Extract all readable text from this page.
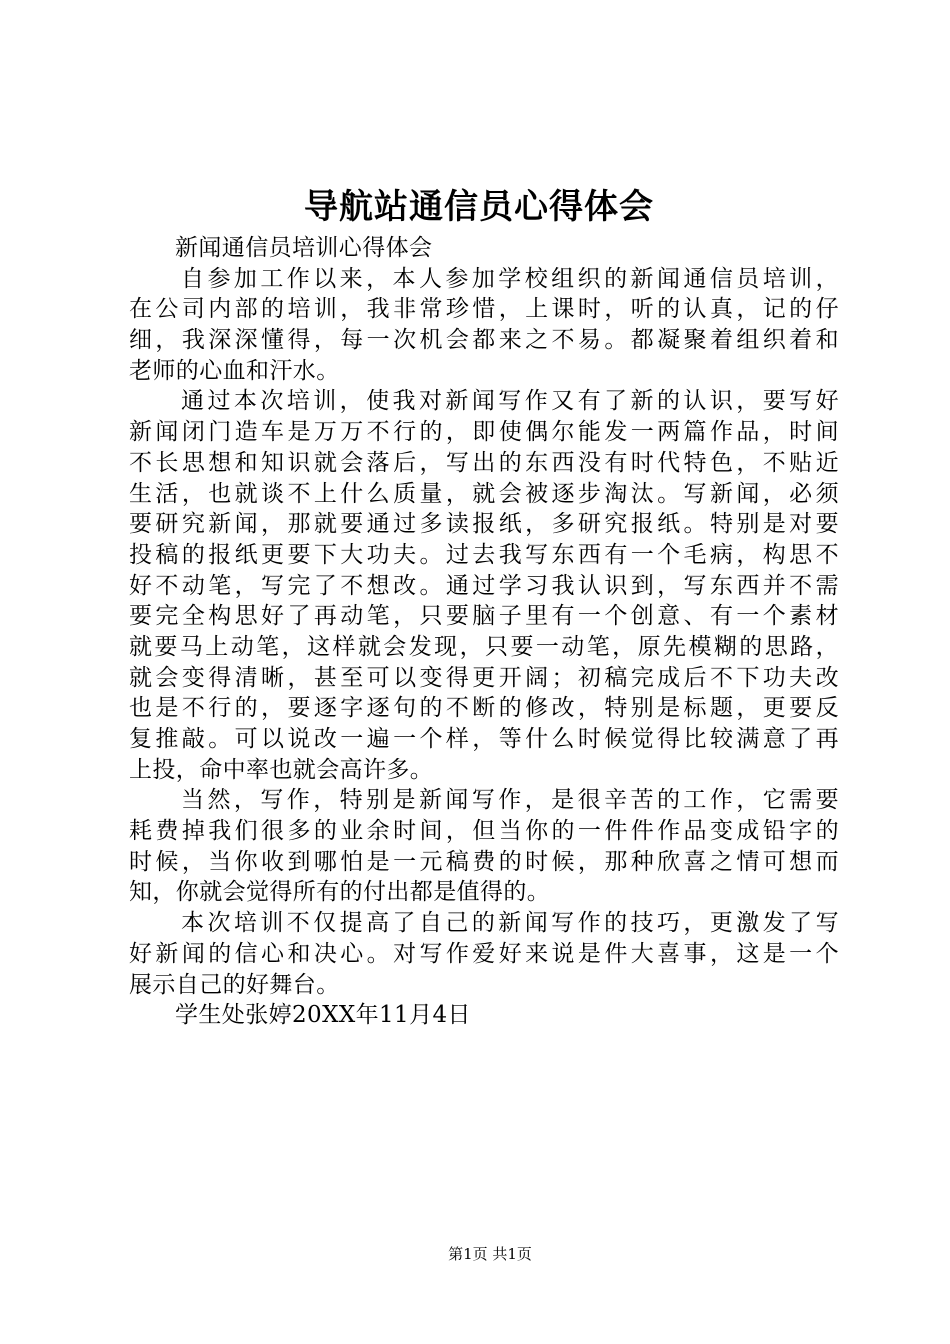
导航站通信员心得体会
新闻通信员培训心得体会
自参加工作以来，本人参加学校组织的新闻通信员培训，
在公司内部的培训，我非常珍惜，上课时，听的认真，记的仔
细，我深深懂得，每一次机会都来之不易。都凝聚着组织着和
老师的心血和汗水。
通过本次培训，使我对新闻写作又有了新的认识，要写好
新闻闭门造车是万万不行的，即使偶尔能发一两篇作品，时间
不长思想和知识就会落后，写出的东西没有时代特色，不贴近
生活，也就谈不上什么质量，就会被逐步淘汰。写新闻，必须
要研究新闻，那就要通过多读报纸，多研究报纸。特别是对要
投稿的报纸更要下大功夫。过去我写东西有一个毛病，构思不
好不动笔，写完了不想改。通过学习我认识到，写东西并不需
要完全构思好了再动笔，只要脑子里有一个创意、有一个素材
就要马上动笔，这样就会发现，只要一动笔，原先模糊的思路，
就会变得清晰，甚至可以变得更开阔；初稿完成后不下功夫改
也是不行的，要逐字逐句的不断的修改，特别是标题，更要反
复推敲。可以说改一遍一个样，等什么时候觉得比较满意了再
上投，命中率也就会高许多。
当然，写作，特别是新闻写作，是很辛苦的工作，它需要
耗费掉我们很多的业余时间，但当你的一件件作品变成铅字的
时候，当你收到哪怕是一元稿费的时候，那种欣喜之情可想而
知，你就会觉得所有的付出都是值得的。
本次培训不仅提高了自己的新闻写作的技巧，更激发了写
好新闻的信心和决心。对写作爱好来说是件大喜事，这是一个
展示自己的好舞台。
学生处张婷20XX年11月4日
第1页 共1页
